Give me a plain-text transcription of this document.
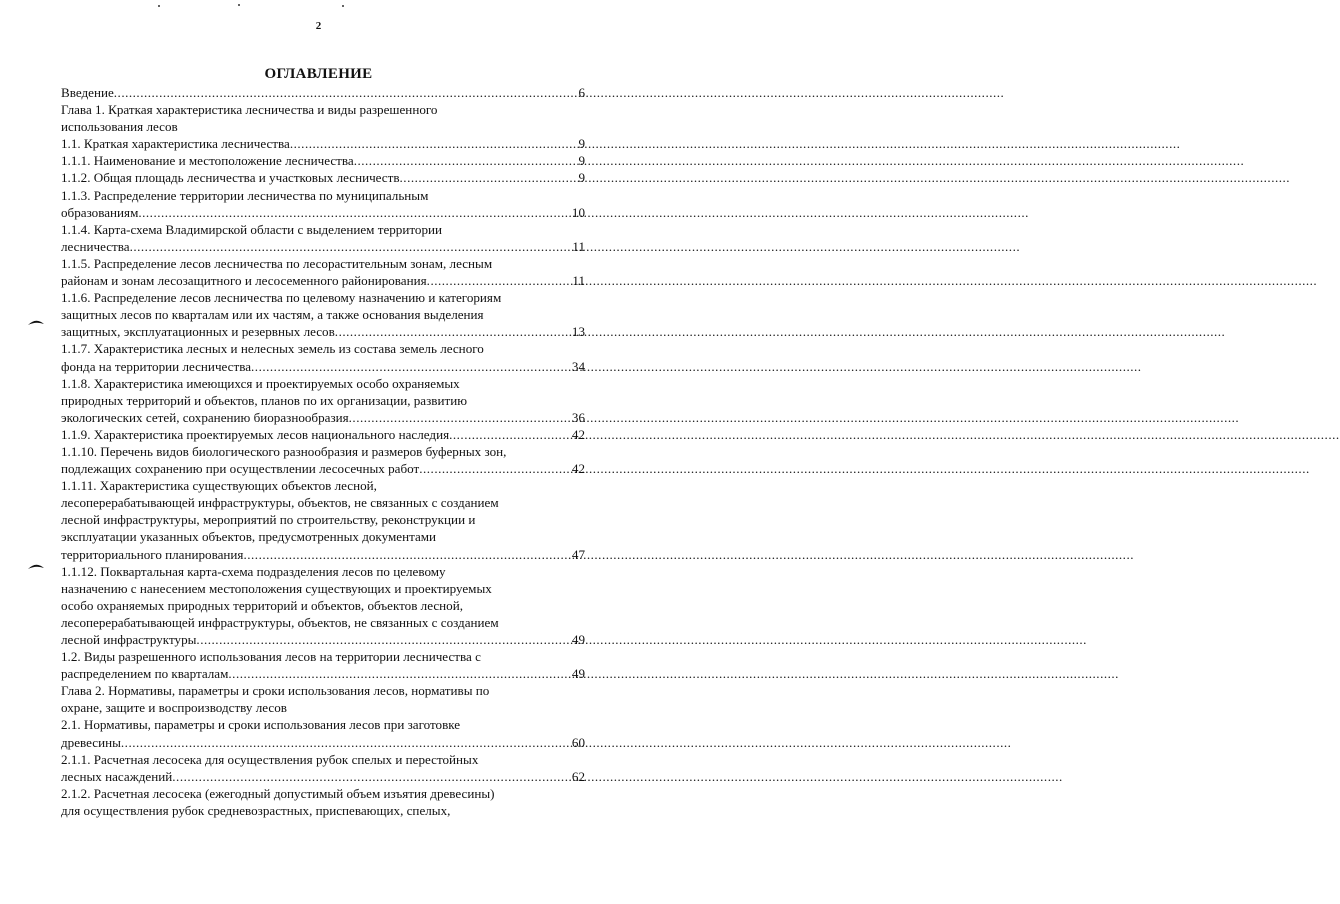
2
ОГЛАВЛЕНИЕ
Введение .....	6
Глава 1. Краткая характеристика лесничества и виды разрешенного
использования лесов
1.1. Краткая характеристика лесничества .....	9
1.1.1. Наименование и местоположение лесничества .....	9
1.1.2. Общая площадь лесничества и участковых лесничеств .....	9
1.1.3. Распределение территории лесничества по муниципальным
образованиям .....	10
1.1.4. Карта-схема Владимирской области с выделением территории
лесничества .....	11
1.1.5. Распределение лесов лесничества по лесорастительным зонам, лесным
районам и зонам лесозащитного и лесосеменного районирования .....	11
1.1.6. Распределение лесов лесничества по целевому назначению и категориям
защитных лесов по кварталам или их частям, а также основания выделения
защитных, эксплуатационных и резервных лесов .....	13
1.1.7. Характеристика лесных и нелесных земель из состава земель лесного
фонда на территории лесничества .....	34
1.1.8. Характеристика имеющихся и проектируемых особо охраняемых
природных территорий и объектов, планов по их организации, развитию
экологических сетей, сохранению биоразнообразия .....	36
1.1.9. Характеристика проектируемых лесов национального наследия .....	42
1.1.10. Перечень видов биологического разнообразия и размеров буферных зон,
подлежащих сохранению при осуществлении лесосечных работ .....	42
1.1.11. Характеристика существующих объектов лесной,
лесоперерабатывающей инфраструктуры, объектов, не связанных с созданием
лесной инфраструктуры, мероприятий по строительству, реконструкции и
эксплуатации указанных объектов, предусмотренных документами
территориального планирования .....	47
1.1.12. Поквартальная карта-схема подразделения лесов по целевому
назначению с нанесением местоположения существующих и проектируемых
особо охраняемых природных территорий и объектов, объектов лесной,
лесоперерабатывающей инфраструктуры, объектов, не связанных с созданием
лесной инфраструктуры .....	49
1.2. Виды разрешенного использования лесов на территории лесничества с
распределением по кварталам .....	49
Глава 2. Нормативы, параметры и сроки использования лесов, нормативы по
охране, защите и воспроизводству лесов
2.1. Нормативы, параметры и сроки использования лесов при заготовке
древесины .....	60
2.1.1. Расчетная лесосека для осуществления рубок спелых и перестойных
лесных насаждений .....	62
2.1.2. Расчетная лесосека (ежегодный допустимый объем изъятия древесины)
для осуществления рубок средневозрастных, приспевающих, спелых,
